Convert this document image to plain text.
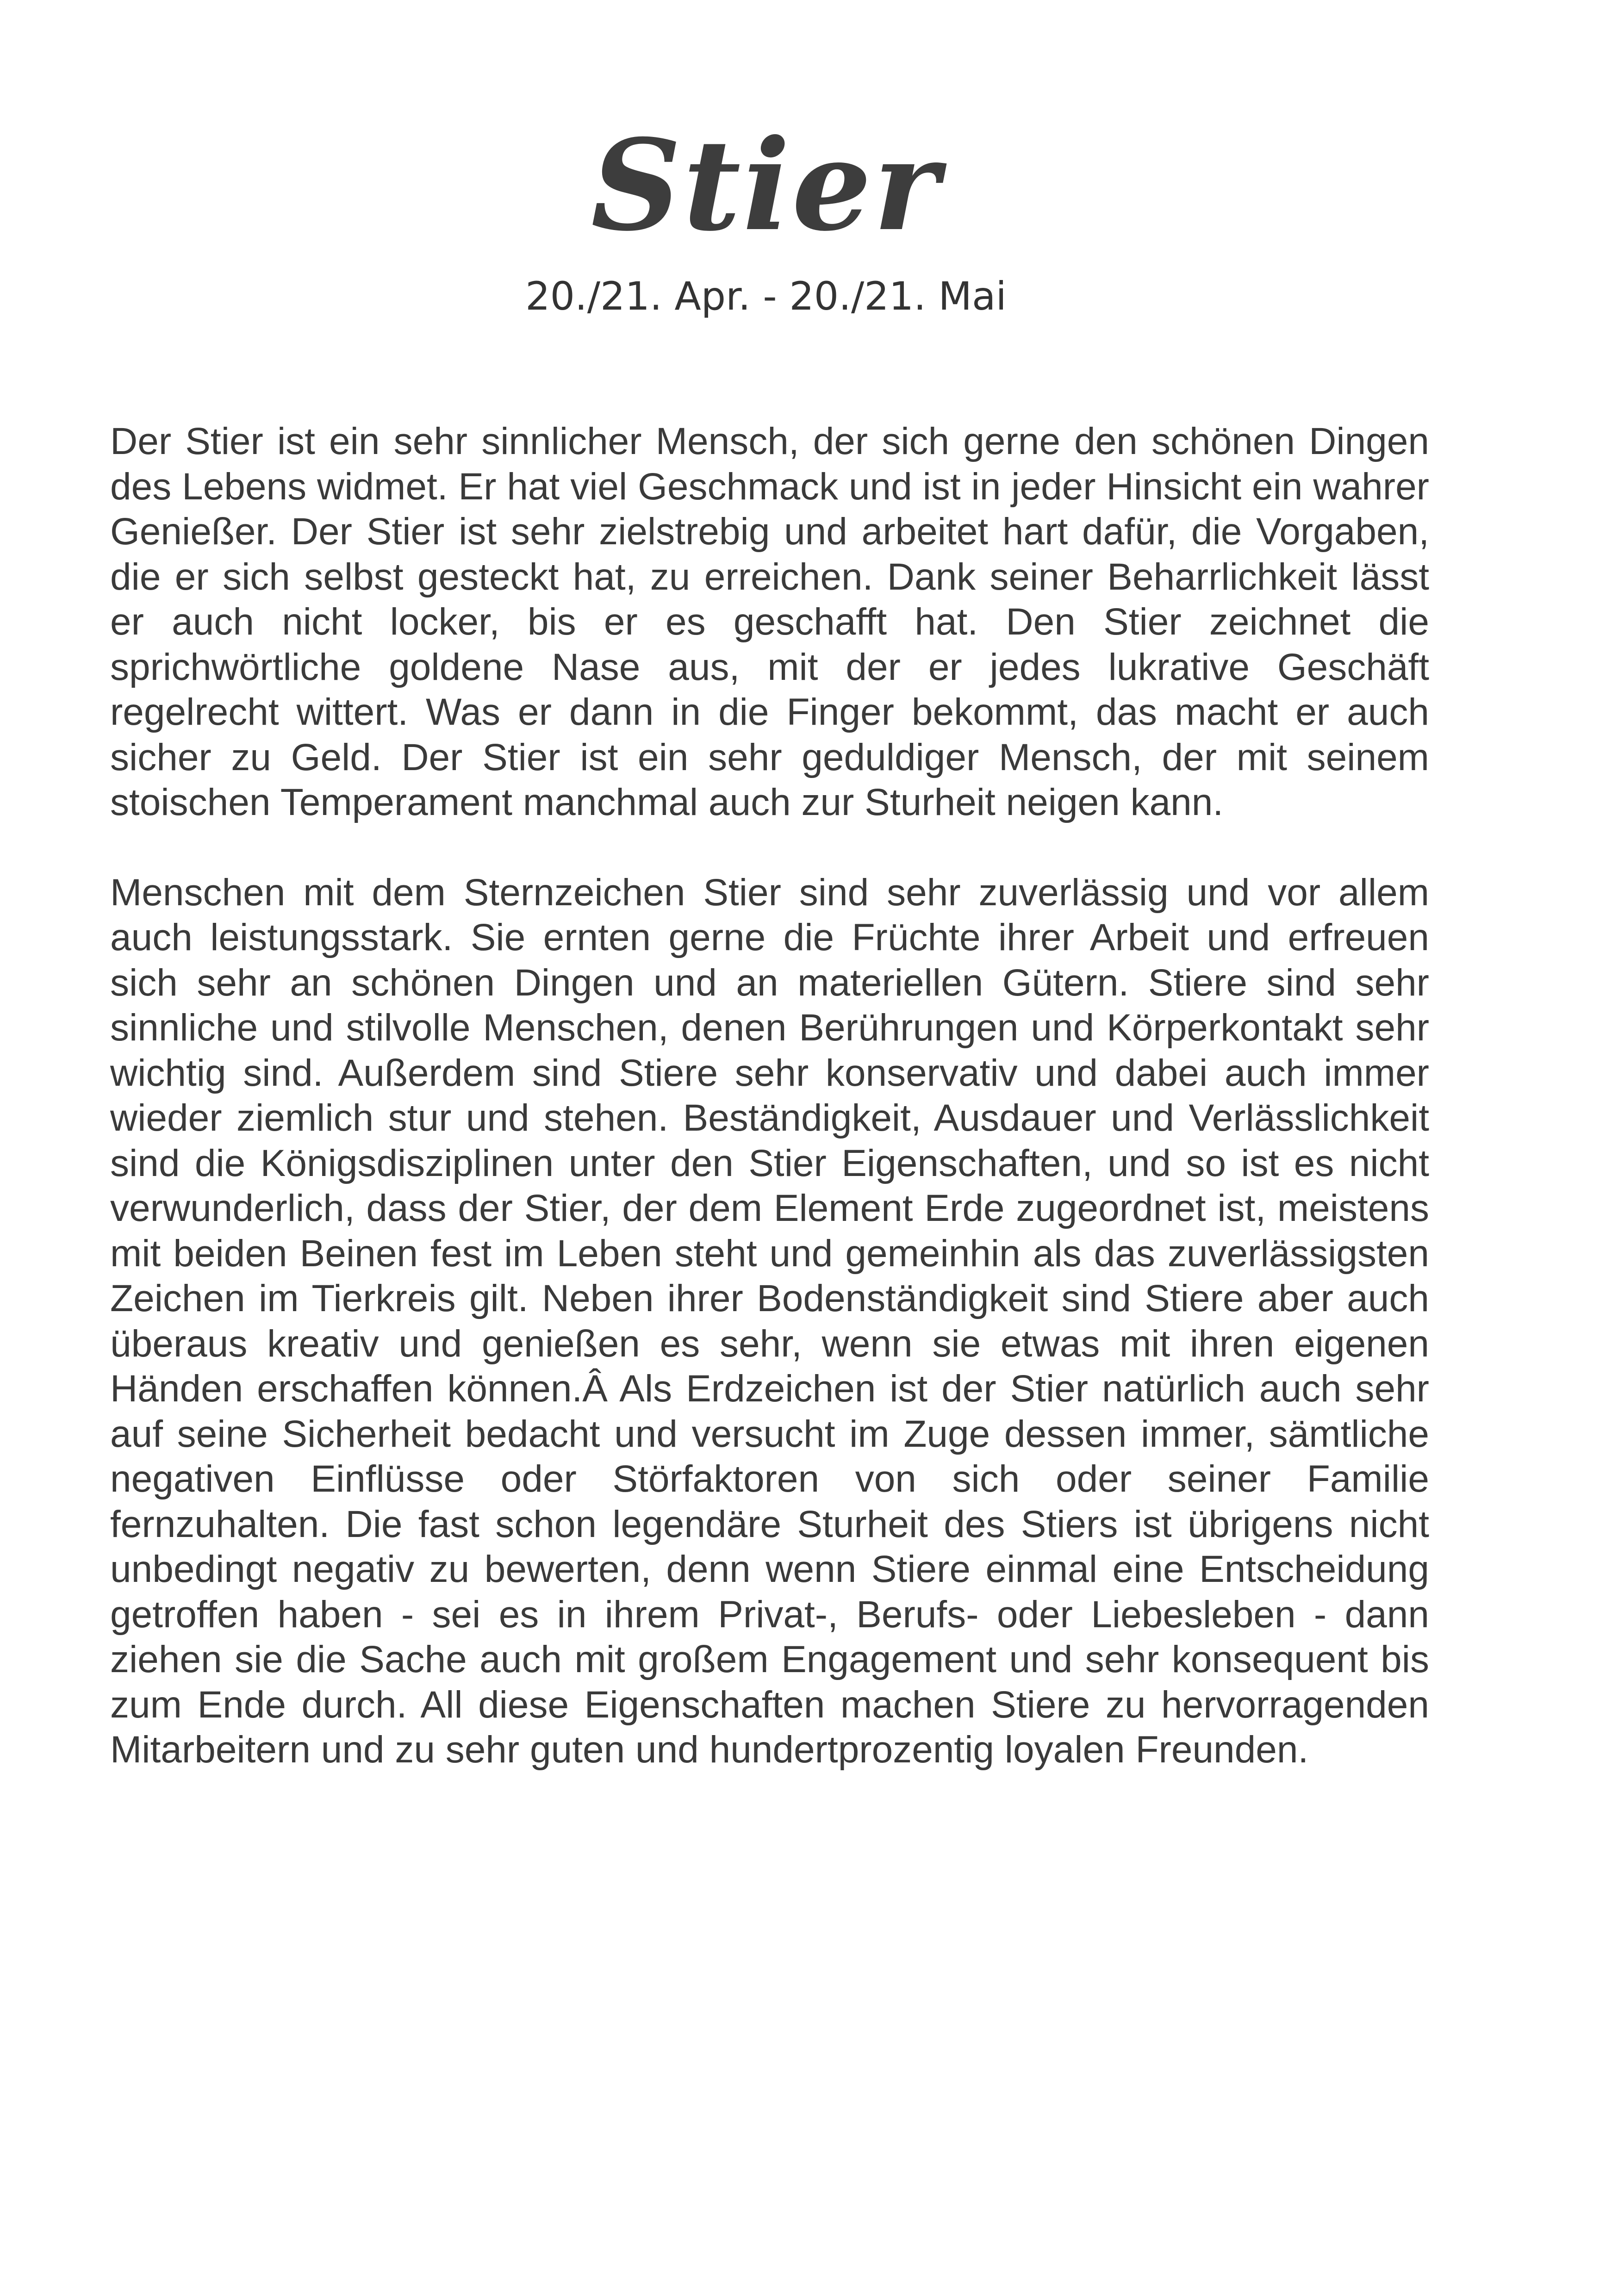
Stier
20./21. Apr. - 20./21. Mai

Der Stier ist ein sehr sinnlicher Mensch, der sich gerne den schönen Dingen des Lebens widmet. Er hat viel Geschmack und ist in jeder Hinsicht ein wahrer Genießer. Der Stier ist sehr zielstrebig und arbeitet hart dafür, die Vorgaben, die er sich selbst gesteckt hat, zu erreichen. Dank seiner Beharrlichkeit lässt er auch nicht locker, bis er es geschafft hat. Den Stier zeichnet die sprichwörtliche goldene Nase aus, mit der er jedes lukrative Geschäft regelrecht wittert. Was er dann in die Finger bekommt, das macht er auch sicher zu Geld. Der Stier ist ein sehr geduldiger Mensch, der mit seinem stoischen Temperament manchmal auch zur Sturheit neigen kann.

Menschen mit dem Sternzeichen Stier sind sehr zuverlässig und vor allem auch leistungsstark. Sie ernten gerne die Früchte ihrer Arbeit und erfreuen sich sehr an schönen Dingen und an materiellen Gütern. Stiere sind sehr sinnliche und stilvolle Menschen, denen Berührungen und Körperkontakt sehr wichtig sind. Außerdem sind Stiere sehr konservativ und dabei auch immer wieder ziemlich stur und stehen. Beständigkeit, Ausdauer und Verlässlichkeit sind die Königsdisziplinen unter den Stier Eigenschaften, und so ist es nicht verwunderlich, dass der Stier, der dem Element Erde zugeordnet ist, meistens mit beiden Beinen fest im Leben steht und gemeinhin als das zuverlässigsten Zeichen im Tierkreis gilt. Neben ihrer Bodenständigkeit sind Stiere aber auch überaus kreativ und genießen es sehr, wenn sie etwas mit ihren eigenen Händen erschaffen können.Â Als Erdzeichen ist der Stier natürlich auch sehr auf seine Sicherheit bedacht und versucht im Zuge dessen immer, sämtliche negativen Einflüsse oder Störfaktoren von sich oder seiner Familie fernzuhalten. Die fast schon legendäre Sturheit des Stiers ist übrigens nicht unbedingt negativ zu bewerten, denn wenn Stiere einmal eine Entscheidung getroffen haben - sei es in ihrem Privat-, Berufs- oder Liebesleben - dann ziehen sie die Sache auch mit großem Engagement und sehr konsequent bis zum Ende durch. All diese Eigenschaften machen Stiere zu hervorragenden Mitarbeitern und zu sehr guten und hundertprozentig loyalen Freunden.
